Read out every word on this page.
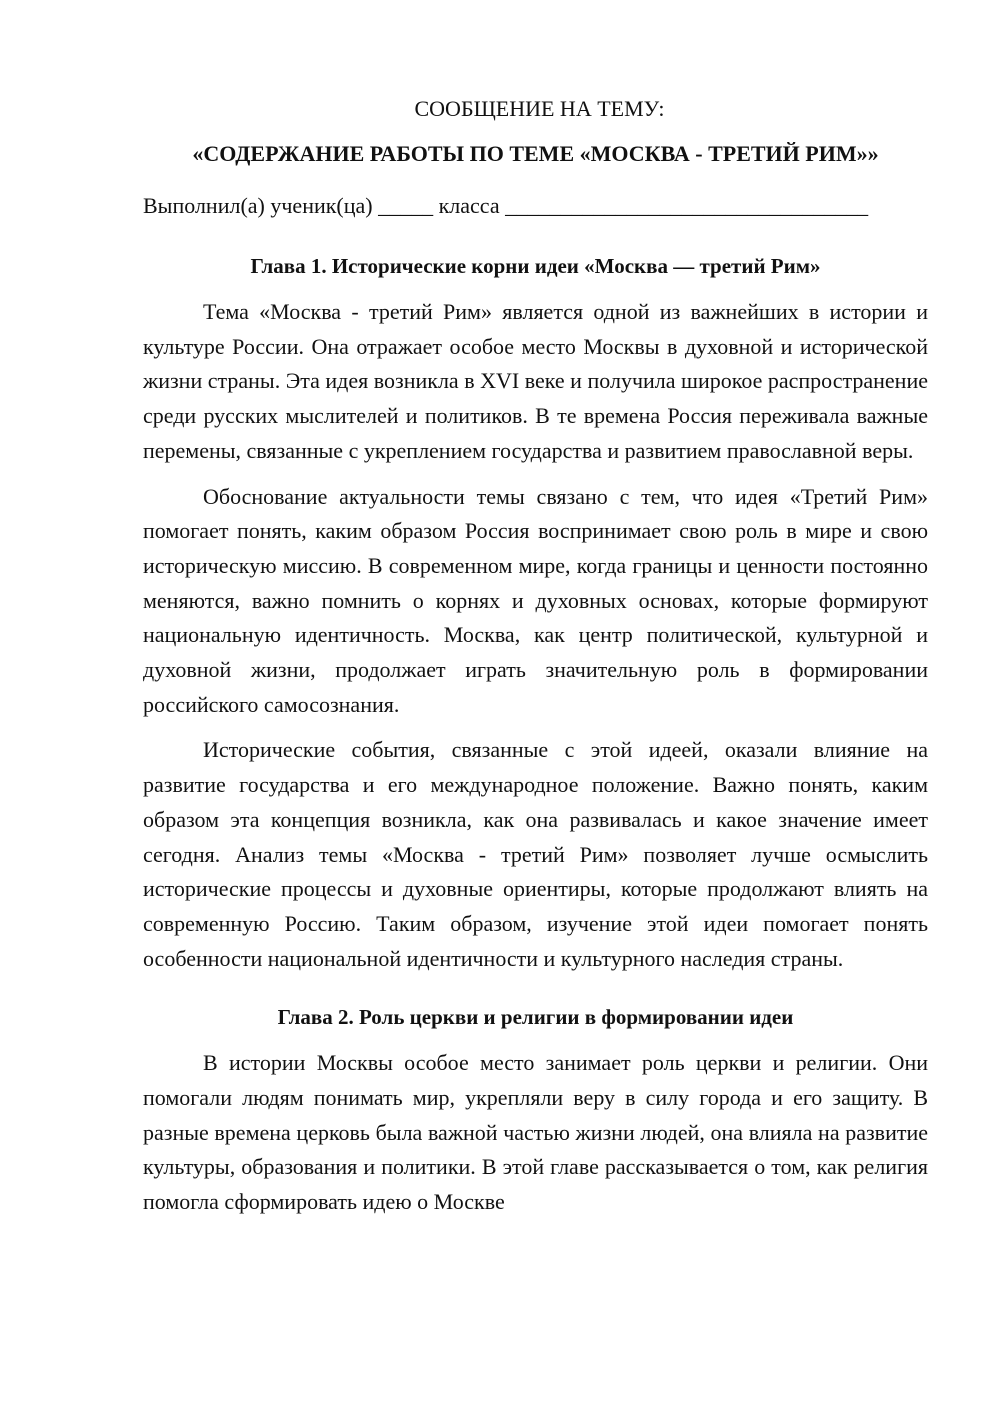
СООБЩЕНИЕ НА ТЕМУ:

«СОДЕРЖАНИЕ РАБОТЫ ПО ТЕМЕ «МОСКВА - ТРЕТИЙ РИМ»»

Выполнил(а) ученик(ца) _____ класса _________________________________

Глава 1. Исторические корни идеи «Москва — третий Рим»

Тема «Москва - третий Рим» является одной из важнейших в истории и культуре России. Она отражает особое место Москвы в духовной и исторической жизни страны. Эта идея возникла в XVI веке и получила широкое распространение среди русских мыслителей и политиков. В те времена Россия переживала важные перемены, связанные с укреплением государства и развитием православной веры.

Обоснование актуальности темы связано с тем, что идея «Третий Рим» помогает понять, каким образом Россия воспринимает свою роль в мире и свою историческую миссию. В современном мире, когда границы и ценности постоянно меняются, важно помнить о корнях и духовных основах, которые формируют национальную идентичность. Москва, как центр политической, культурной и духовной жизни, продолжает играть значительную роль в формировании российского самосознания.

Исторические события, связанные с этой идеей, оказали влияние на развитие государства и его международное положение. Важно понять, каким образом эта концепция возникла, как она развивалась и какое значение имеет сегодня. Анализ темы «Москва - третий Рим» позволяет лучше осмыслить исторические процессы и духовные ориентиры, которые продолжают влиять на современную Россию. Таким образом, изучение этой идеи помогает понять особенности национальной идентичности и культурного наследия страны.

Глава 2. Роль церкви и религии в формировании идеи

В истории Москвы особое место занимает роль церкви и религии. Они помогали людям понимать мир, укрепляли веру в силу города и его защиту. В разные времена церковь была важной частью жизни людей, она влияла на развитие культуры, образования и политики. В этой главе рассказывается о том, как религия помогла сформировать идею о Москве
